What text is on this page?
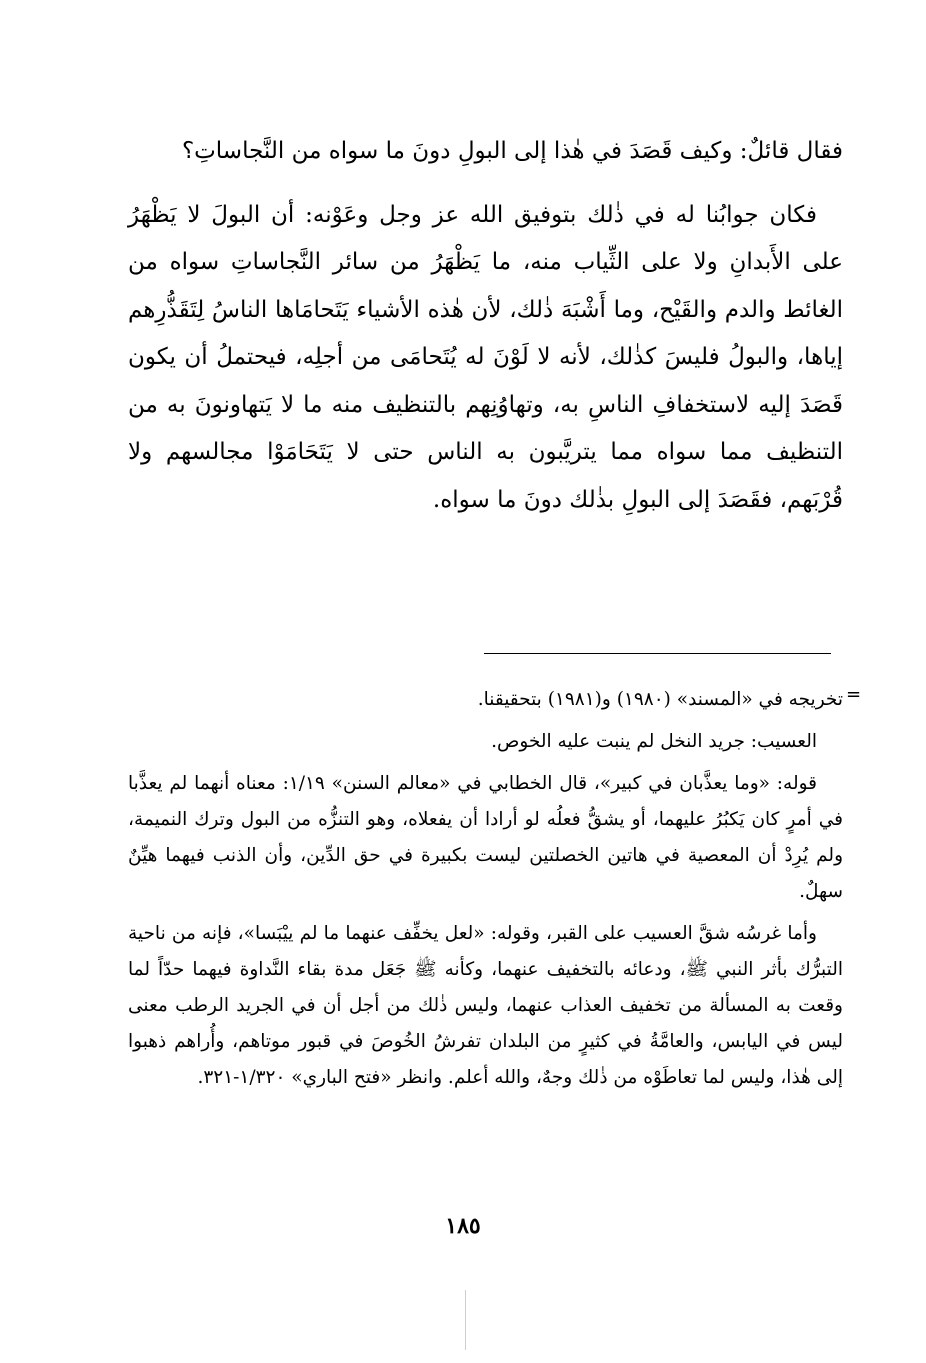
فقال قائلٌ: وكيف قَصَدَ في هٰذا إلى البولِ دونَ ما سواه من النَّجاساتِ؟

فكان جوابُنا له في ذٰلك بتوفيق الله عز وجل وعَوْنه: أن البولَ لا يَظْهَرُ على الأَبدانِ ولا على الثِّياب منه، ما يَظْهَرُ من سائر النَّجاساتِ سواه من الغائط والدم والقَيْح، وما أَشْبَهَ ذٰلك، لأن هٰذه الأشياء يَتَحامَاها الناسُ لِتَقَذُّرِهم إياها، والبولُ فليسَ كذٰلك، لأنه لا لَوْنَ له يُتَحامَى من أجلِه، فيحتملُ أن يكون قَصَدَ إليه لاستخفافِ الناسِ به، وتهاوُنِهم بالتنظيف منه ما لا يَتهاونونَ به من التنظيف مما سواه مما يتريَّبون به الناس حتى لا يَتَحَامَوْا مجالسهم ولا قُرْبَهم، فقَصَدَ إلى البولِ بذٰلك دونَ ما سواه.

=

تخريجه في «المسند» (١٩٨٠) و(١٩٨١) بتحقيقنا.

العسيب: جريد النخل لم ينبت عليه الخوص.

قوله: «وما يعذَّبان في كبير»، قال الخطابي في «معالم السنن» ١/١٩: معناه أنهما لم يعذَّبا في أمرٍ كان يَكبُرُ عليهما، أو يشقُّ فعلُه لو أرادا أن يفعلاه، وهو التنزُّه من البول وترك النميمة، ولم يُرِدْ أن المعصية في هاتين الخصلتين ليست بكبيرة في حق الدِّين، وأن الذنب فيهما هيِّنٌ سهلٌ.

وأما غرسُه شقَّ العسيب على القبر، وقوله: «لعل يخفِّف عنهما ما لم ييْبَسا»، فإنه من ناحية التبرُّك بأثر النبي ﷺ، ودعائه بالتخفيف عنهما، وكأنه ﷺ جَعَل مدة بقاء النَّداوة فيهما حدّاً لما وقعت به المسألة من تخفيف العذاب عنهما، وليس ذٰلك من أجل أن في الجريد الرطب معنى ليس في اليابس، والعامَّةُ في كثيرٍ من البلدان تفرشُ الخُوصَ في قبور موتاهم، وأُراهم ذهبوا إلى هٰذا، وليس لما تعاطَوْه من ذٰلك وجهٌ، والله أعلم. وانظر «فتح الباري» ١/٣٢٠-٣٢١.

١٨٥
